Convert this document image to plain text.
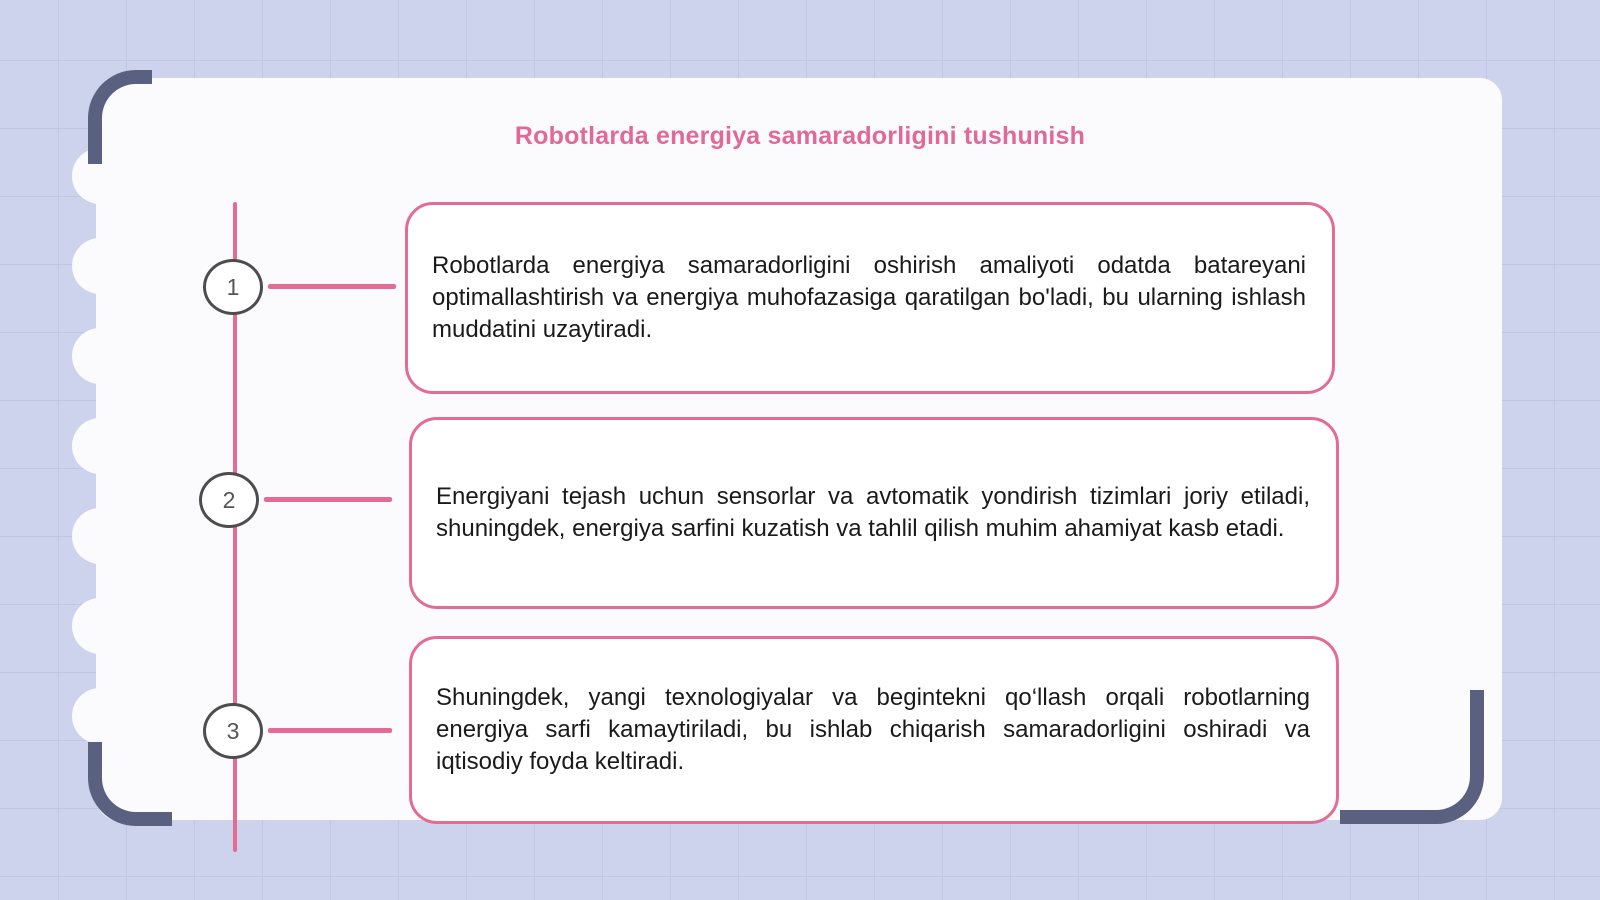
Robotlarda energiya samaradorligini tushunish
1
2
3
Robotlarda energiya samaradorligini oshirish amaliyoti odatda batareyani optimallashtirish va energiya muhofazasiga qaratilgan bo'ladi, bu ularning ishlash muddatini uzaytiradi.
Energiyani tejash uchun sensorlar va avtomatik yondirish tizimlari joriy etiladi, shuningdek, energiya sarfini kuzatish va tahlil qilish muhim ahamiyat kasb etadi.
Shuningdek, yangi texnologiyalar va begintekni qo‘llash orqali robotlarning energiya sarfi kamaytiriladi, bu ishlab chiqarish samaradorligini oshiradi va iqtisodiy foyda keltiradi.
